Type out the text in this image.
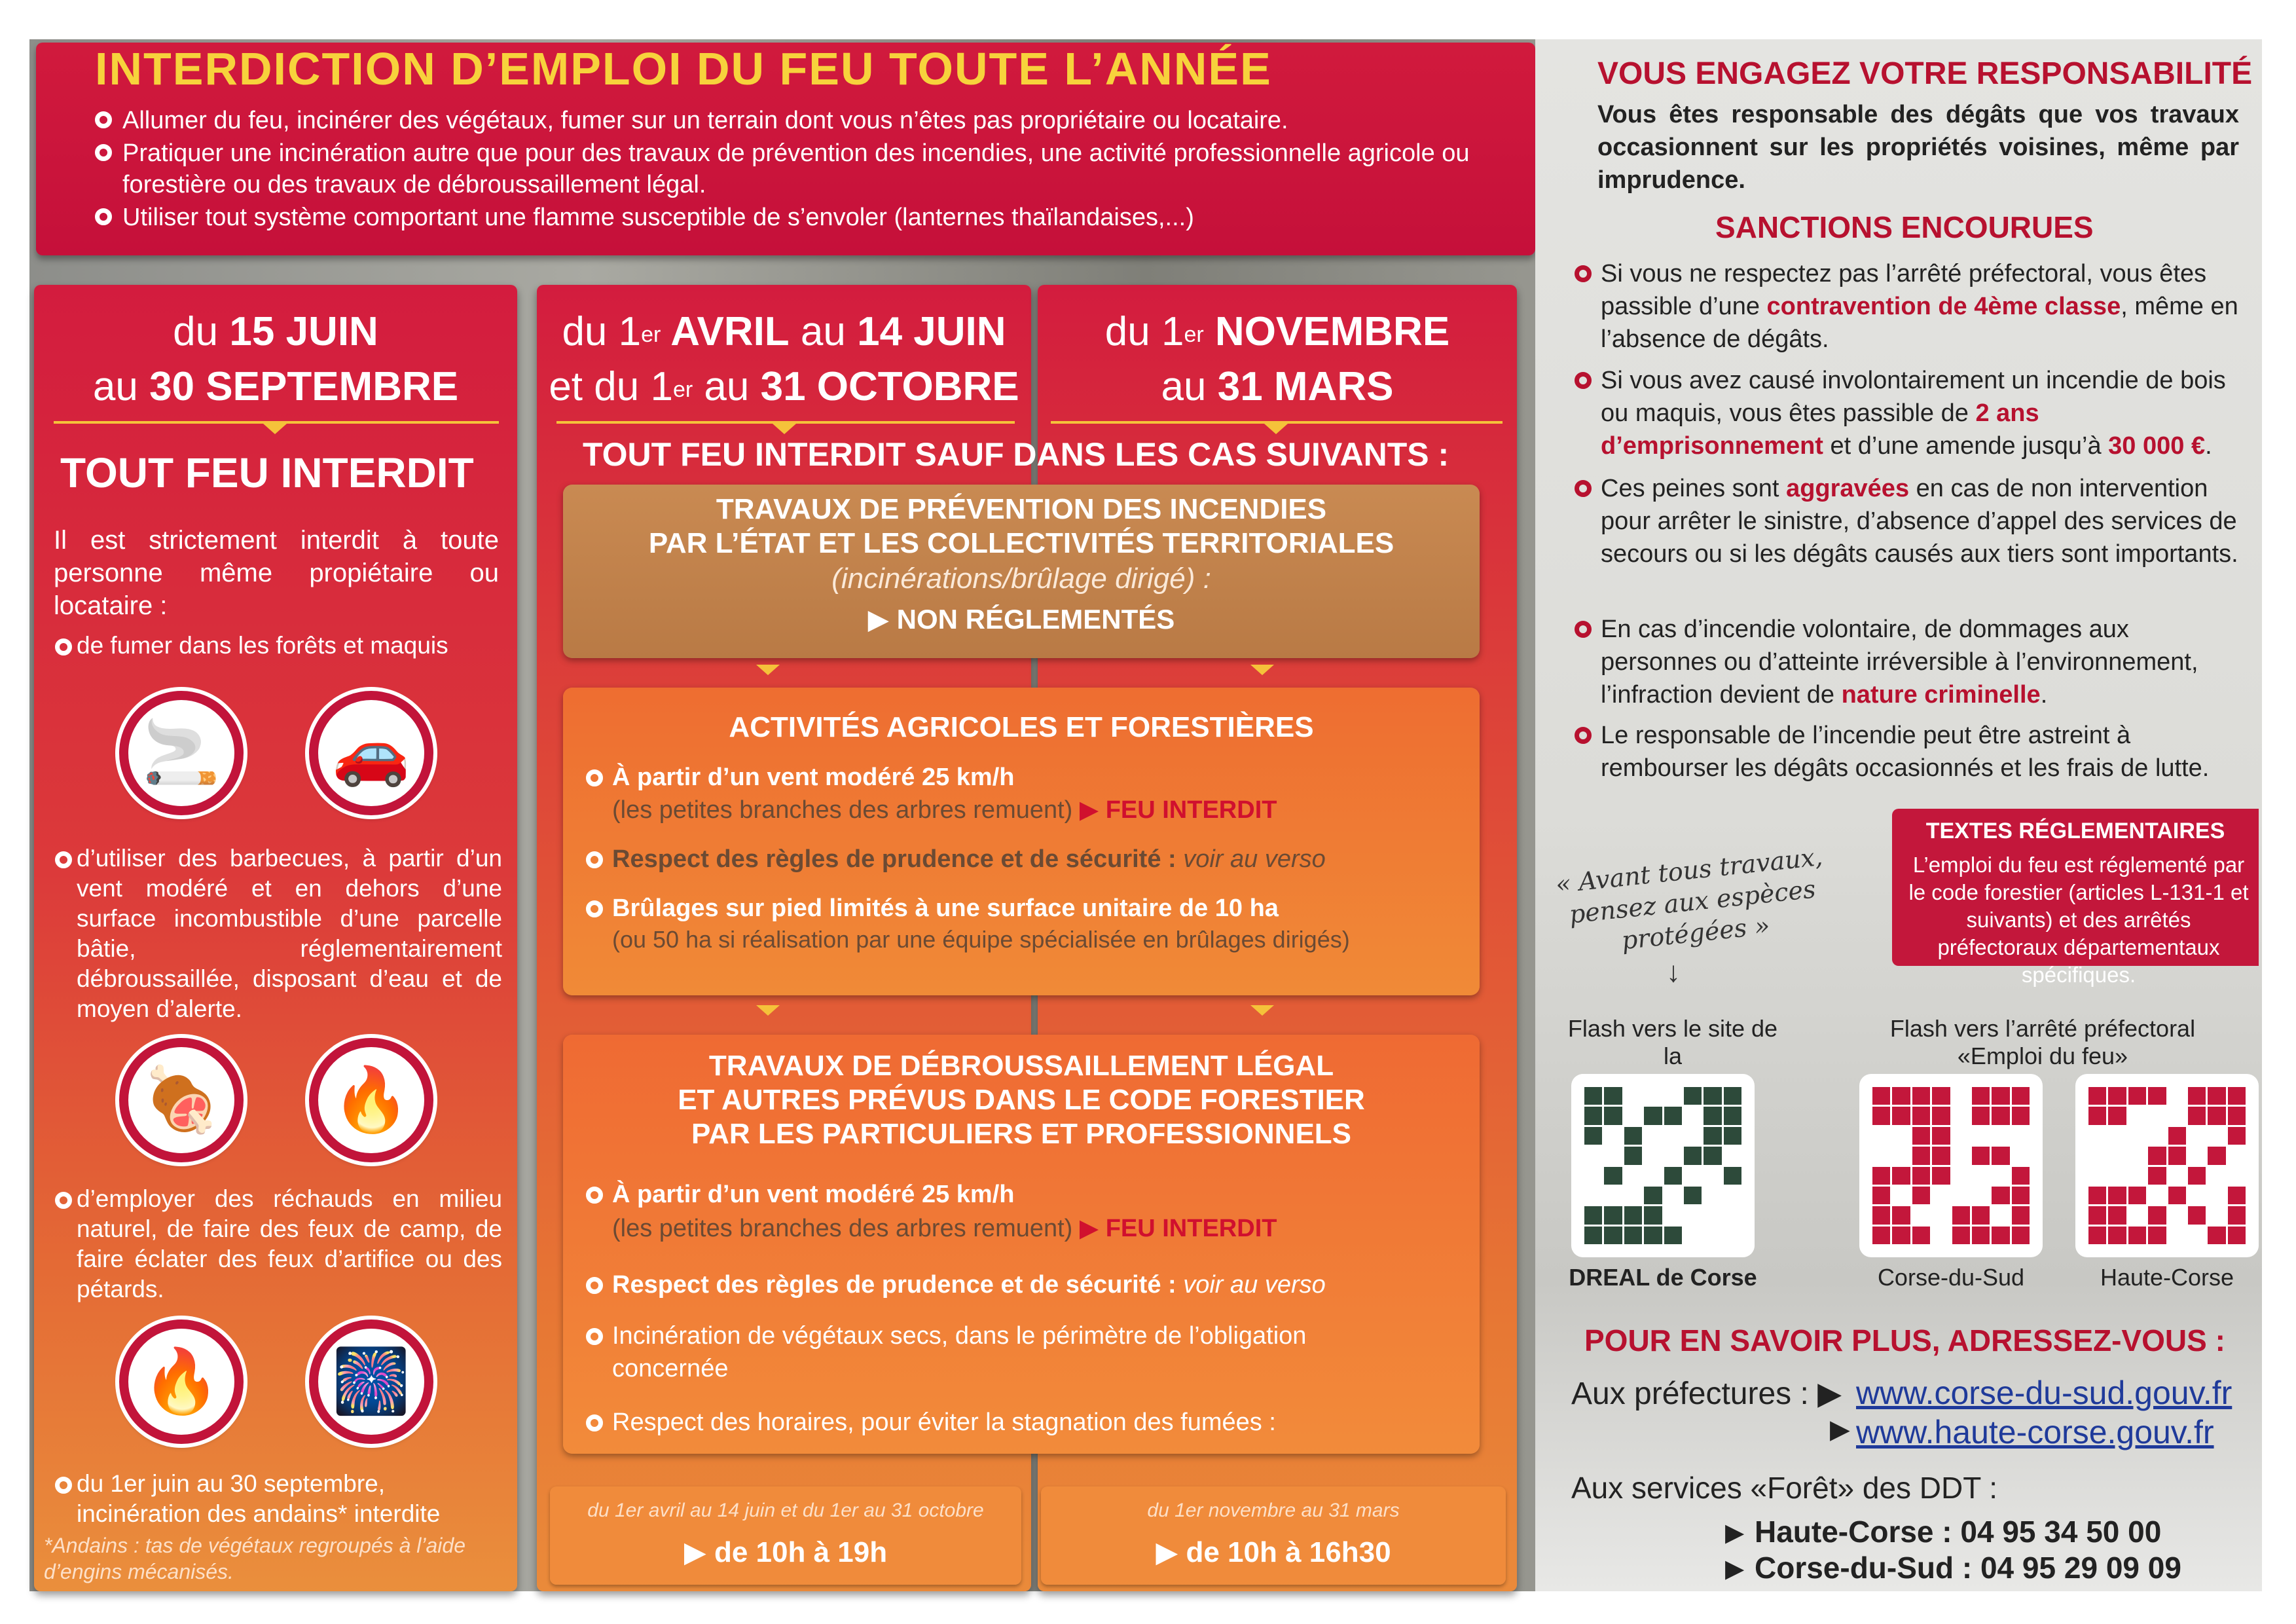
INTERDICTION D’EMPLOI DU FEU TOUTE L’ANNÉE
Allumer du feu, incinérer des végétaux, fumer sur un terrain dont vous n’êtes pas propriétaire ou locataire.
Pratiquer une incinération autre que pour des travaux de prévention des incendies, une activité professionnelle agricole ou forestière ou des travaux de débroussaillement légal.
Utiliser tout système comportant une flamme susceptible de s’envoler (lanternes thaïlandaises,...)
du 15 JUIN
au 30 SEPTEMBRE
TOUT FEU INTERDIT
Il est strictement interdit à toute personne même propiétaire ou locataire :
de fumer dans les forêts et maquis
🚬	🚗
d’utiliser des barbecues, à partir d’un vent modéré et en dehors d’une surface incombustible d’une parcelle bâtie, réglementairement débroussaillée, disposant d’eau et de moyen d’alerte.
🍖	🔥
d’employer des réchauds en milieu naturel, de faire des feux de camp, de faire éclater des feux d’artifice ou des pétards.
🔥	🎆
du 1er juin au 30 septembre, incinération des andains* interdite
*Andains : tas de végétaux regroupés à l’aide d’engins mécanisés.
du 1er AVRIL au 14 JUIN
et du 1er au 31 OCTOBRE
du 1er NOVEMBRE
au 31 MARS
TOUT FEU INTERDIT SAUF DANS LES CAS SUIVANTS :
TRAVAUX DE PRÉVENTION DES INCENDIES
PAR L’ÉTAT ET LES COLLECTIVITÉS TERRITORIALES
(incinérations/brûlage dirigé) :
▶ NON RÉGLEMENTÉS
ACTIVITÉS AGRICOLES ET FORESTIÈRES
À partir d’un vent modéré 25 km/h
(les petites branches des arbres remuent) ▶ FEU INTERDIT
Respect des règles de prudence et de sécurité : voir au verso
Brûlages sur pied limités à une surface unitaire de 10 ha
(ou 50 ha si réalisation par une équipe spécialisée en brûlages dirigés)
TRAVAUX DE DÉBROUSSAILLEMENT LÉGAL
ET AUTRES PRÉVUS DANS LE CODE FORESTIER
PAR LES PARTICULIERS ET PROFESSIONNELS
À partir d’un vent modéré 25 km/h
(les petites branches des arbres remuent) ▶ FEU INTERDIT
Respect des règles de prudence et de sécurité : voir au verso
Incinération de végétaux secs, dans le périmètre de l’obligation
concernée
Respect des horaires, pour éviter la stagnation des fumées :
du 1er avril au 14 juin et du 1er au 31 octobre
▶ de 10h à 19h
du 1er novembre au 31 mars
▶ de 10h à 16h30
VOUS ENGAGEZ VOTRE RESPONSABILITÉ
Vous êtes responsable des dégâts que vos travaux occasionnent sur les propriétés voisines, même par imprudence.
SANCTIONS ENCOURUES
Si vous ne respectez pas l’arrêté préfectoral, vous êtes passible d’une contravention de 4ème classe, même en l’absence de dégâts.
Si vous avez causé involontairement un incendie de bois ou maquis, vous êtes passible de 2 ans d’emprisonnement et d’une amende jusqu’à 30 000 €.
Ces peines sont aggravées en cas de non intervention pour arrêter le sinistre, d’absence d’appel des services de secours ou si les dégâts causés aux tiers sont importants.
En cas d’incendie volontaire, de dommages aux personnes ou d’atteinte irréversible à l’environnement, l’infraction devient de nature criminelle.
Le responsable de l’incendie peut être astreint à rembourser les dégâts occasionnés et les frais de lutte.
« Avant tous travaux, pensez aux espèces protégées »
↓
TEXTES RÉGLEMENTAIRES
L’emploi du feu est réglementé par le code forestier (articles L-131-1 et suivants) et des arrêtés préfectoraux départementaux spécifiques.
Flash vers le site de la
Flash vers l’arrêté préfectoral «Emploi du feu»
DREAL de Corse	Corse-du-Sud	Haute-Corse
POUR EN SAVOIR PLUS, ADRESSEZ-VOUS :
Aux préfectures : ▶ www.corse-du-sud.gouv.fr
▶ www.haute-corse.gouv.fr
Aux services «Forêt» des DDT :
▶ Haute-Corse : 04 95 34 50 00
▶ Corse-du-Sud : 04 95 29 09 09
